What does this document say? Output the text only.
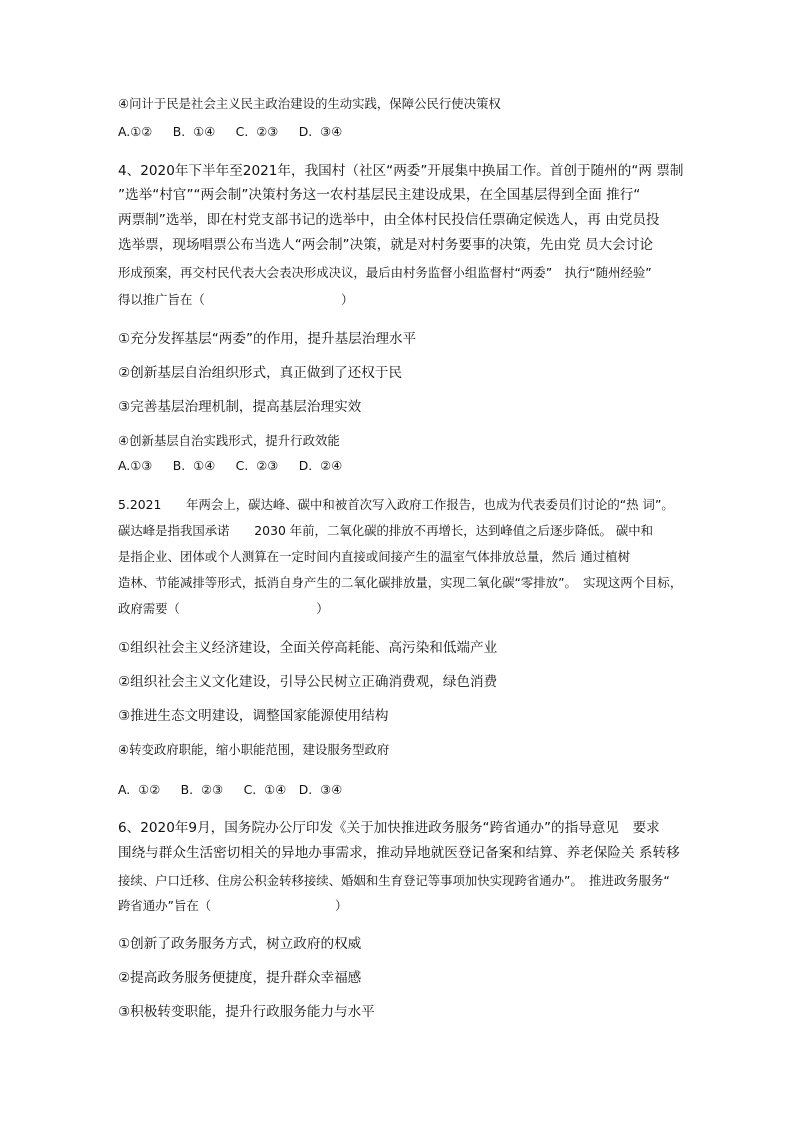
④问计于民是社会主义民主政治建设的生动实践，保障公民行使决策权
A.①②　 B. ①④　 C. ②③　 D. ③④
4、2020年下半年至2021年，我国村（社区“两委”开展集中换届工作。首创于随州的“两 票制
”选举“村官”“两会制”决策村务这一农村基层民主建设成果，在全国基层得到全面 推行“
两票制”选举，即在村党支部书记的选举中，由全体村民投信任票确定候选人，再 由党员投
选举票，现场唱票公布当选人“两会制”决策，就是对村务要事的决策，先由党 员大会讨论
形成预案，再交村民代表大会表决形成决议，最后由村务监督小组监督村“两委”　执行“随州经验”
得以推广旨在（　　　　　　　　　　　）
①充分发挥基层“两委”的作用，提升基层治理水平
②创新基层自治组织形式，真正做到了还权于民
③完善基层治理机制，提高基层治理实效
④创新基层自治实践形式，提升行政效能
A.①③　 B. ①④　 C. ②③　 D. ②④
5.2021　　年两会上，碳达峰、碳中和被首次写入政府工作报告，也成为代表委员们讨论的“热 词”。
碳达峰是指我国承诺　　2030 年前，二氧化碳的排放不再增长，达到峰值之后逐步降低。 碳中和
是指企业、团体或个人测算在一定时间内直接或间接产生的温室气体排放总量，然后 通过植树
造林、节能减排等形式，抵消自身产生的二氧化碳排放量，实现二氧化碳“零排放”。　实现这两个目标，
政府需要（　　　　　　　　　　　）
①组织社会主义经济建设，全面关停高耗能、高污染和低端产业
②组织社会主义文化建设，引导公民树立正确消费观，绿色消费
③推进生态文明建设，调整国家能源使用结构
④转变政府职能，缩小职能范围，建设服务型政府
A. ①②　 B. ②③　 C. ①④　D. ③④
6、2020年9月，国务院办公厅印发《关于加快推进政务服务“跨省通办”的指导意见　要求
围绕与群众生活密切相关的异地办事需求，推动异地就医登记备案和结算、养老保险关 系转移
接续、户口迁移、住房公积金转移接续、婚姻和生育登记等事项加快实现跨省通办”。　推进政务服务“
跨省通办”旨在（　　　　　　　　　　）
①创新了政务服务方式，树立政府的权威
②提高政务服务便捷度，提升群众幸福感
③积极转变职能，提升行政服务能力与水平
